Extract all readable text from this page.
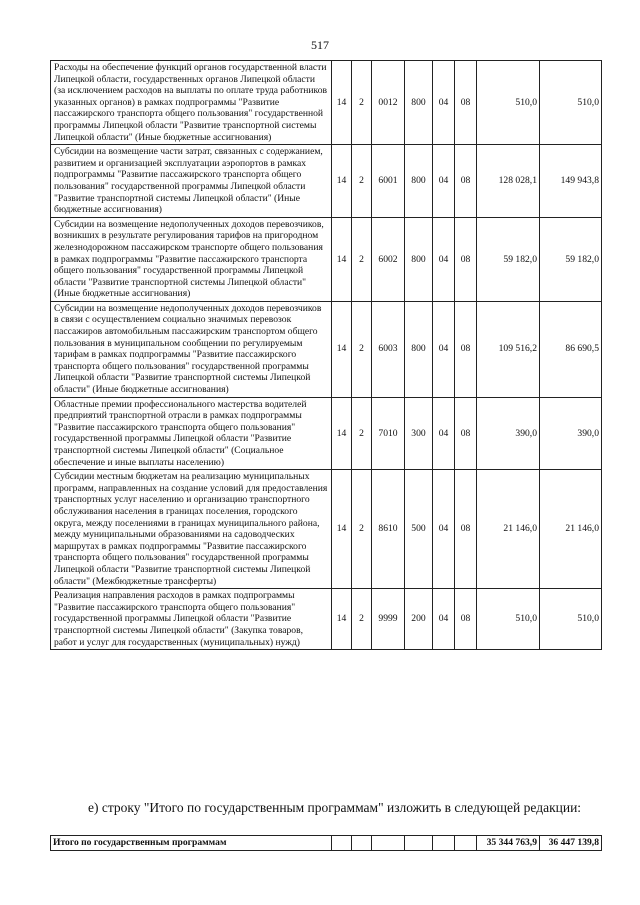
517
Расходы на обеспечение функций органов государственной власти Липецкой области, государственных органов Липецкой области (за исключением расходов на выплаты по оплате труда работников указанных органов) в рамках подпрограммы "Развитие пассажирского транспорта общего пользования" государственной программы Липецкой области "Развитие транспортной системы Липецкой области" (Иные бюджетные ассигнования)	14	2	0012	800	04	08	510,0	510,0
Субсидии на возмещение части затрат, связанных с содержанием, развитием и организацией эксплуатации аэропортов в рамках подпрограммы "Развитие пассажирского транспорта общего пользования" государственной программы Липецкой области "Развитие транспортной системы Липецкой области" (Иные бюджетные ассигнования)	14	2	6001	800	04	08	128 028,1	149 943,8
Субсидии на возмещение недополученных доходов перевозчиков, возникших в результате регулирования тарифов на пригородном железнодорожном пассажирском транспорте общего пользования в рамках подпрограммы "Развитие пассажирского транспорта общего пользования" государственной программы Липецкой области "Развитие транспортной системы Липецкой области" (Иные бюджетные ассигнования)	14	2	6002	800	04	08	59 182,0	59 182,0
Субсидии на возмещение недополученных доходов перевозчиков в связи с осуществлением социально значимых перевозок пассажиров автомобильным пассажирским транспортом общего пользования в муниципальном сообщении по регулируемым тарифам в рамках подпрограммы "Развитие пассажирского транспорта общего пользования" государственной программы Липецкой области "Развитие транспортной системы Липецкой области" (Иные бюджетные ассигнования)	14	2	6003	800	04	08	109 516,2	86 690,5
Областные премии профессионального мастерства водителей предприятий транспортной отрасли в рамках подпрограммы "Развитие пассажирского транспорта общего пользования" государственной программы Липецкой области "Развитие транспортной системы Липецкой области" (Социальное обеспечение и иные выплаты населению)	14	2	7010	300	04	08	390,0	390,0
Субсидии местным бюджетам на реализацию муниципальных программ, направленных на создание условий для предоставления транспортных услуг населению и организацию транспортного обслуживания населения в границах поселения, городского округа, между поселениями в границах муниципального района, между муниципальными образованиями на садоводческих маршрутах в рамках подпрограммы "Развитие пассажирского транспорта общего пользования" государственной программы Липецкой области "Развитие транспортной системы Липецкой области" (Межбюджетные трансферты)	14	2	8610	500	04	08	21 146,0	21 146,0
Реализация направления расходов в рамках подпрограммы "Развитие пассажирского транспорта общего пользования" государственной программы Липецкой области "Развитие транспортной системы Липецкой области" (Закупка товаров, работ и услуг для государственных (муниципальных) нужд)	14	2	9999	200	04	08	510,0	510,0
е) строку "Итого по государственным программам" изложить в следующей редакции:
Итого по государственным программам							35 344 763,9	36 447 139,8
